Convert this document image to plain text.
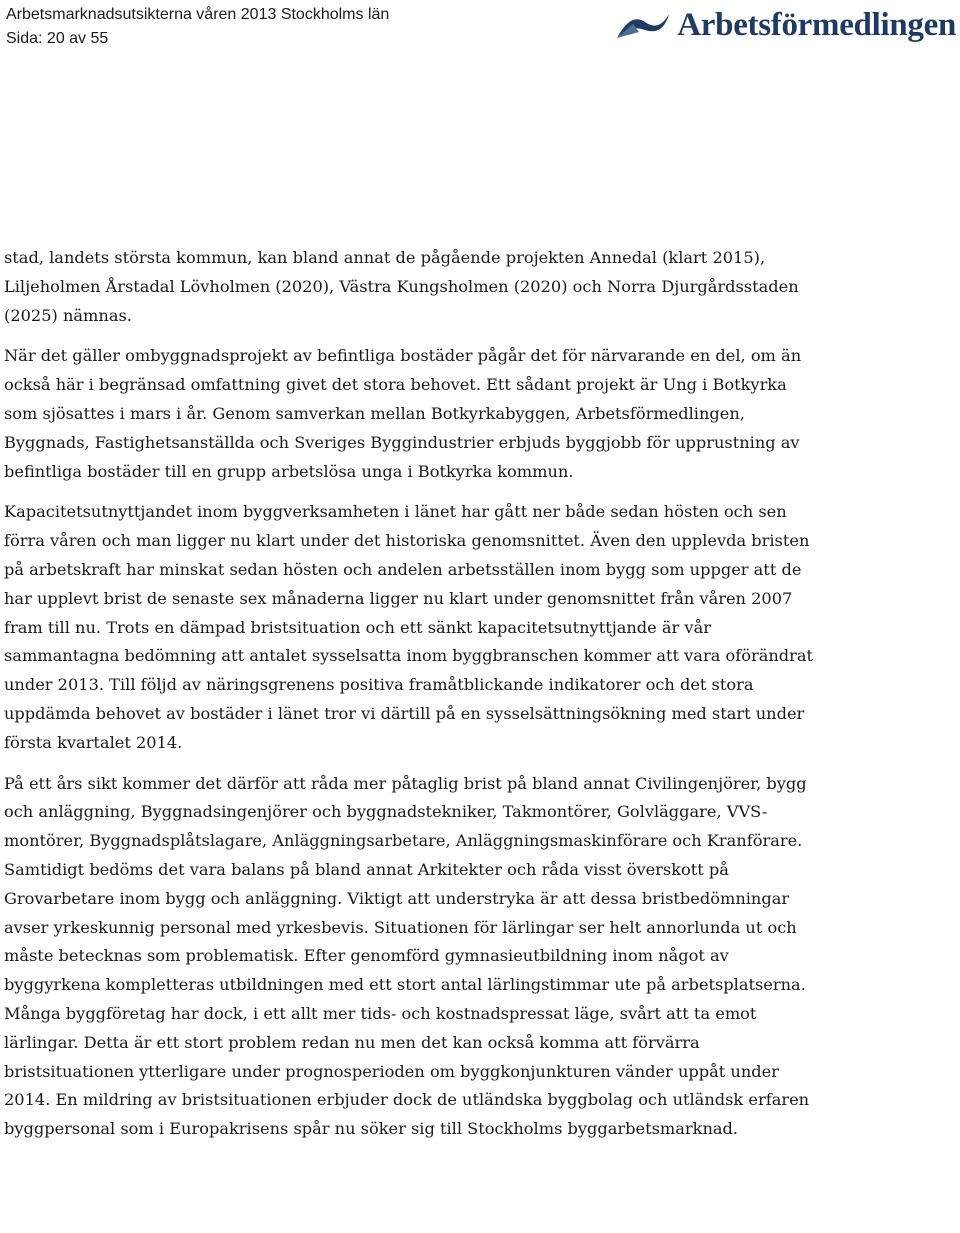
Arbetsmarknadsutsikterna våren 2013 Stockholms län
Sida: 20 av 55	Arbetsförmedlingen

stad, landets största kommun, kan bland annat de pågående projekten Annedal (klart 2015), Liljeholmen Årstadal Lövholmen (2020), Västra Kungsholmen (2020) och Norra Djurgårdsstaden (2025) nämnas.

När det gäller ombyggnadsprojekt av befintliga bostäder pågår det för närvarande en del, om än också här i begränsad omfattning givet det stora behovet. Ett sådant projekt är Ung i Botkyrka som sjösattes i mars i år. Genom samverkan mellan Botkyrkabyggen, Arbetsförmedlingen, Byggnads, Fastighetsanställda och Sveriges Byggindustrier erbjuds byggjobb för upprustning av befintliga bostäder till en grupp arbetslösa unga i Botkyrka kommun.

Kapacitetsutnyttjandet inom byggverksamheten i länet har gått ner både sedan hösten och sen förra våren och man ligger nu klart under det historiska genomsnittet. Även den upplevda bristen på arbetskraft har minskat sedan hösten och andelen arbetsställen inom bygg som uppger att de har upplevt brist de senaste sex månaderna ligger nu klart under genomsnittet från våren 2007 fram till nu. Trots en dämpad bristsituation och ett sänkt kapacitetsutnyttjande är vår sammantagna bedömning att antalet sysselsatta inom byggbranschen kommer att vara oförändrat under 2013. Till följd av näringsgrenens positiva framåtblickande indikatorer och det stora uppdämda behovet av bostäder i länet tror vi därtill på en sysselsättningsökning med start under första kvartalet 2014.

På ett års sikt kommer det därför att råda mer påtaglig brist på bland annat Civilingenjörer, bygg och anläggning, Byggnadsingenjörer och byggnadstekniker, Takmontörer, Golvläggare, VVS-montörer, Byggnadsplåtslagare, Anläggningsarbetare, Anläggningsmaskinförare och Kranförare. Samtidigt bedöms det vara balans på bland annat Arkitekter och råda visst överskott på Grovarbetare inom bygg och anläggning. Viktigt att understryka är att dessa bristbedömningar avser yrkeskunnig personal med yrkesbevis. Situationen för lärlingar ser helt annorlunda ut och måste betecknas som problematisk. Efter genomförd gymnasieutbildning inom något av byggyrkena kompletteras utbildningen med ett stort antal lärlingstimmar ute på arbetsplatserna. Många byggföretag har dock, i ett allt mer tids- och kostnadspressat läge, svårt att ta emot lärlingar. Detta är ett stort problem redan nu men det kan också komma att förvärra bristsituationen ytterligare under prognosperioden om byggkonjunkturen vänder uppåt under 2014. En mildring av bristsituationen erbjuder dock de utländska byggbolag och utländsk erfaren byggpersonal som i Europakrisens spår nu söker sig till Stockholms byggarbetsmarknad.
